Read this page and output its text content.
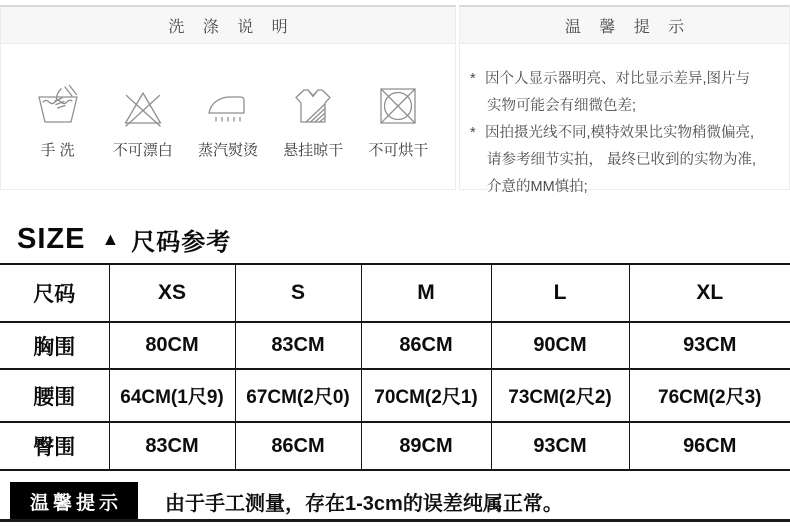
洗 涤 说 明
手 洗	不可漂白 蒸汽熨烫 悬挂晾干 不可烘干
温 馨 提 示
* 因个人显示器明亮、对比显示差异,图片与
实物可能会有细微色差;
* 因拍摄光线不同,模特效果比实物稍微偏亮,
请参考细节实拍， 最终已收到的实物为准,
介意的MM慎拍;
SIZE ▲ 尺码参考
尺码	XS	S	M	L	XL
胸围	80CM	83CM	86CM	90CM	93CM
腰围	64CM(1尺9)	67CM(2尺0)	70CM(2尺1)	73CM(2尺2)	76CM(2尺3)
臀围	83CM	86CM	89CM	93CM	96CM
温馨提示	由于手工测量，存在1-3cm的误差纯属正常。
